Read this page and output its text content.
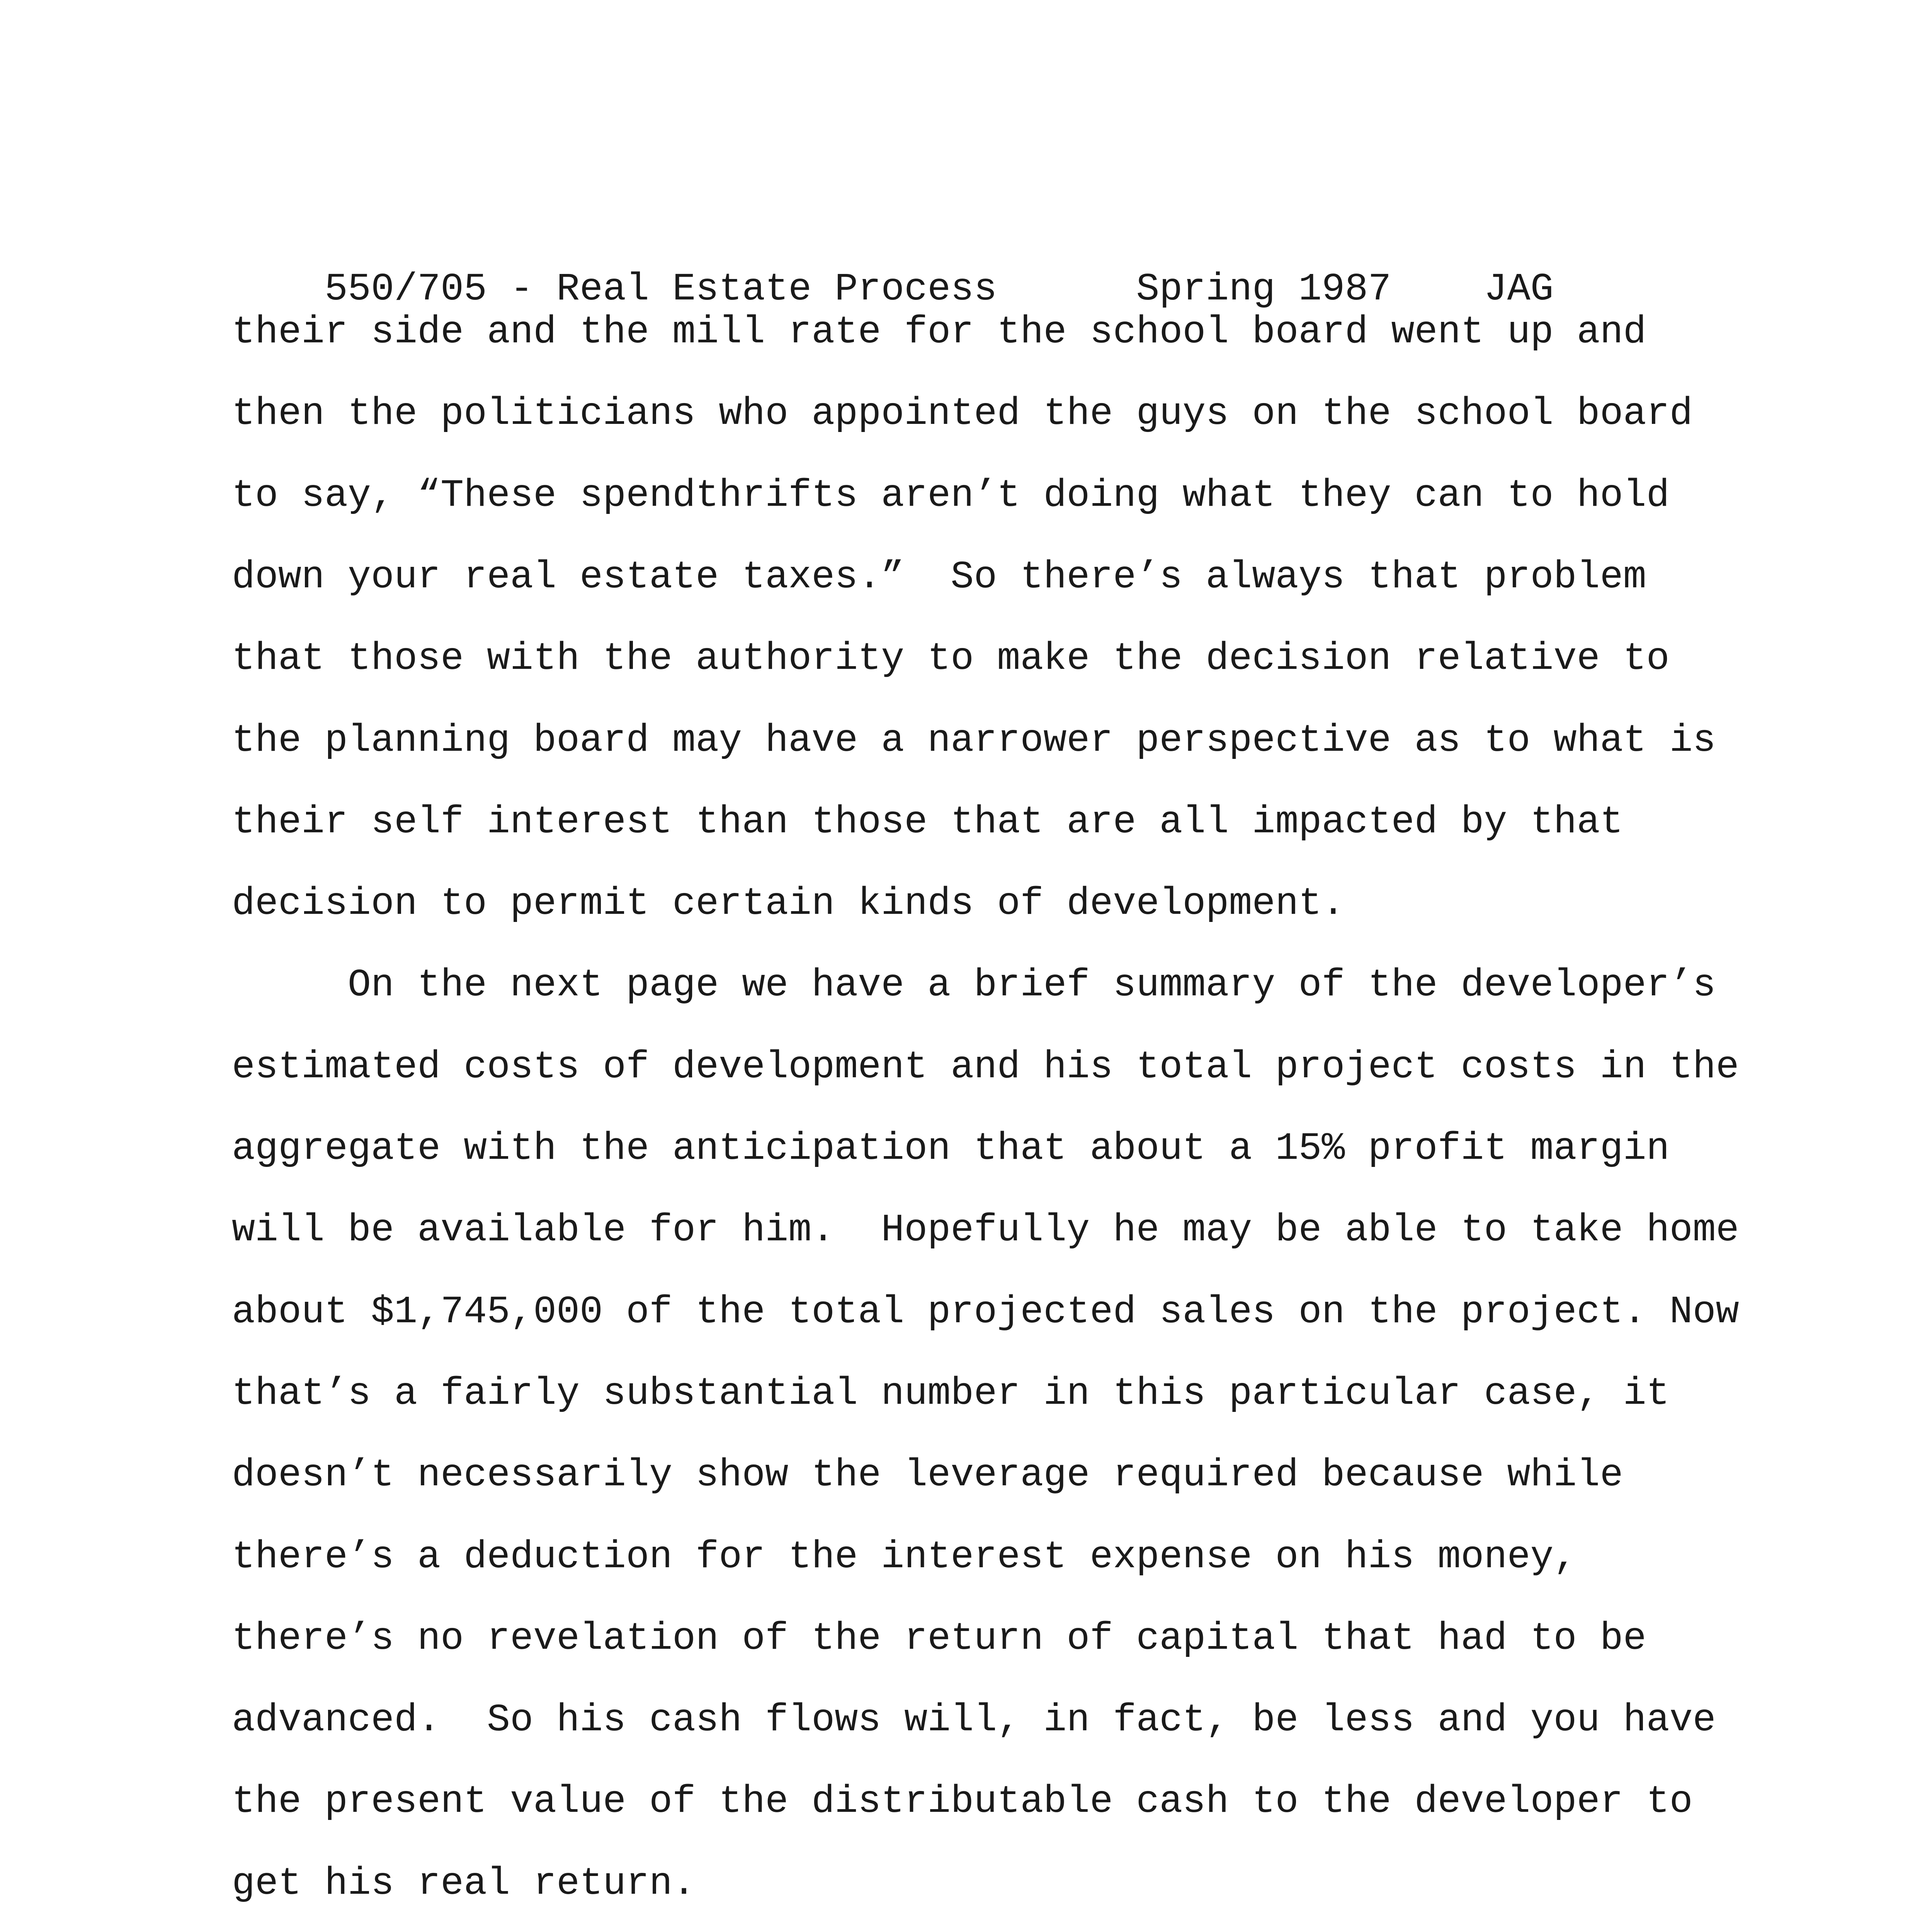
550/705 - Real Estate Process	Spring 1987 JAG

their side and the mill rate for the school board went up and
then the politicians who appointed the guys on the school board
to say, “These spendthrifts aren’t doing what they can to hold
down your real estate taxes.”  So there’s always that problem
that those with the authority to make the decision relative to
the planning board may have a narrower perspective as to what is
their self interest than those that are all impacted by that
decision to permit certain kinds of development.
On the next page we have a brief summary of the developer’s
estimated costs of development and his total project costs in the
aggregate with the anticipation that about a 15% profit margin
will be available for him.  Hopefully he may be able to take home
about $1,745,000 of the total projected sales on the project. Now
that’s a fairly substantial number in this particular case, it
doesn’t necessarily show the leverage required because while
there’s a deduction for the interest expense on his money,
there’s no revelation of the return of capital that had to be
advanced.  So his cash flows will, in fact, be less and you have
the present value of the distributable cash to the developer to
get his real return.
